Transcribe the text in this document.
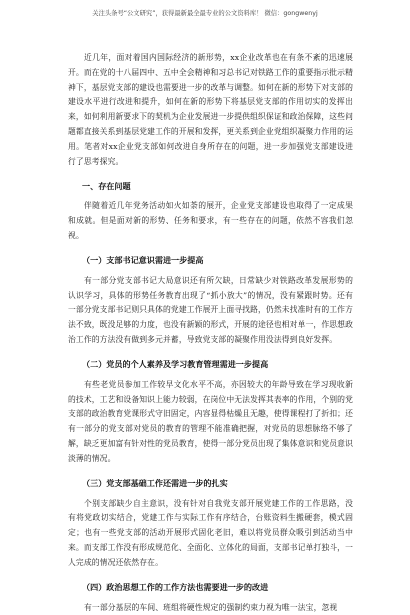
关注头条号“公文研究”，获得最新最全最专业的公文资料库！ 微信：gongwenyj

近几年，面对着国内国际经济的新形势，xx企业改革也在有条不紊的迅速展开。而在党的十八届四中、五中全会精神和习总书记对铁路工作的重要指示批示精神下，基层党支部的建设也需要进一步的改革与调整。如何在新的形势下对支部的建设水平进行改进和提升，如何在新的形势下将基层党支部的作用切实的发挥出来，如何利用新要求下的契机为企业发展进一步提供组织保证和政治保障，这些问题都直接关系到基层党建工作的开展和发挥，更关系到企业党组织凝聚力作用的运用。笔者对xx企业党支部如何改进自身所存在的问题，进一步加强党支部建设进行了思考探究。

一、存在问题

伴随着近几年党务活动如火如荼的展开，企业党支部建设也取得了一定成果和成就。但是面对新的形势、任务和要求，有一些存在的问题，依然不容我们忽视。

（一）支部书记意识需进一步提高

有一部分党支部书记大局意识还有所欠缺，日常缺少对铁路改革发展形势的认识学习，具体的形势任务教育出现了“抓小放大”的情况，没有紧跟时势。还有一部分党支部书记则只具体的党建工作展开上面寻找路，仍然未找准时有的工作方法不致，既没足够的力度，也没有新颖的形式，开展的途径也相对单一，作思想政治工作的方法没有做到多元并蓄，导致党支部的凝聚作用没法得到良好发挥。

（二）党员的个人素养及学习教育管理需进一步提高

有些老党员参加工作较早文化水平不高，亦因较大的年龄导致在学习现收新的技术，工艺和设备知识上能力较弱，在岗位中无法发挥其表率的作用，个别的党支部的政治教育党课形式守旧固定，内容显得枯燥且无趣，使得课程打了折扣；还有一部分的党支部对党员的教育的管理不能准确把握，对党员的思想脉络不够了解，缺乏更加富有针对性的党员教育，使得一部分党员出现了集体意识和党员意识淡薄的情况。

（三）党支部基础工作还需进一步的扎实

个别支部缺少自主意识，没有针对自我党支部开展党建工作的工作思路，没有将党政切实结合，党建工作与实际工作有序结合，台账资料生搬硬套，模式固定；也有一些党支部的活动开展形式固化老旧，难以将党员群众吸引到活动当中来。而支部工作没有形成规范化、全面化、立体化的局面，支部书记单打独斗，一人完成的情况还依然存在。

（四）政治思想工作的工作方法也需要进一步的改进

有一部分基层的车间、班组将硬性规定的强制约束力视为唯一法宝，忽视
